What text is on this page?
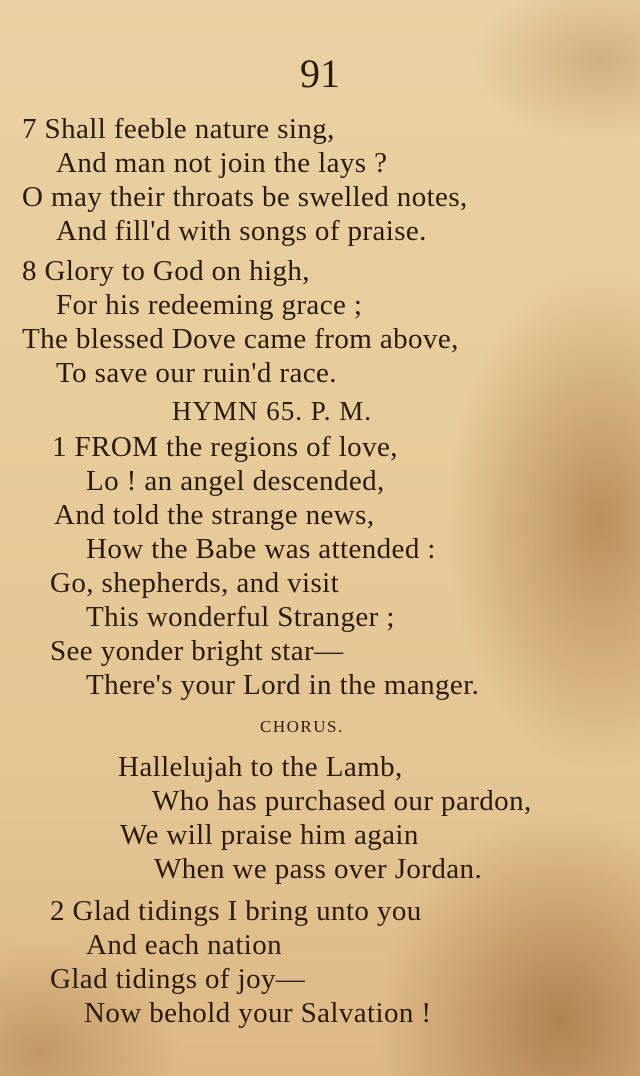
91
7 Shall feeble nature sing,
And man not join the lays ?
O may their throats be swelled notes,
And fill'd with songs of praise.
8 Glory to God on high,
For his redeeming grace ;
The blessed Dove came from above,
To save our ruin'd race.
HYMN 65. P. M.
1 FROM the regions of love,
Lo ! an angel descended,
And told the strange news,
How the Babe was attended :
Go, shepherds, and visit
This wonderful Stranger ;
See yonder bright star—
There's your Lord in the manger.
CHORUS.
Hallelujah to the Lamb,
Who has purchased our pardon,
We will praise him again
When we pass over Jordan.
2 Glad tidings I bring unto you
And each nation
Glad tidings of joy—
Now behold your Salvation !
